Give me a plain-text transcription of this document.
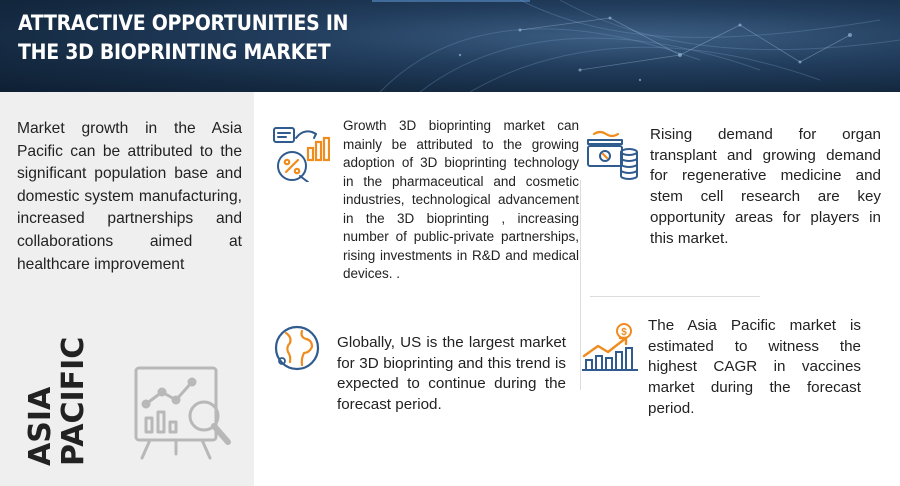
ATTRACTIVE OPPORTUNITIES IN
THE 3D BIOPRINTING MARKET
Market growth in the Asia Pacific can be attributed to the significant population base and domestic system manufacturing, increased partnerships and collaborations aimed at healthcare improvement
ASIA
PACIFIC
Growth 3D bioprinting market can mainly be attributed to the growing adoption of 3D bioprinting technology in the pharmaceutical and cosmetic industries, technological advancement in the 3D bioprinting , increasing number of public-private partnerships, rising investments in R&D and medical devices. .
Rising demand for organ transplant and growing demand for regenerative medicine and stem cell research are key opportunity areas for players in this market.
Globally, US is the largest market for 3D bioprinting and this trend is expected to continue during the forecast period.
$ The Asia Pacific market is estimated to witness the highest CAGR in vaccines market during the forecast period.
